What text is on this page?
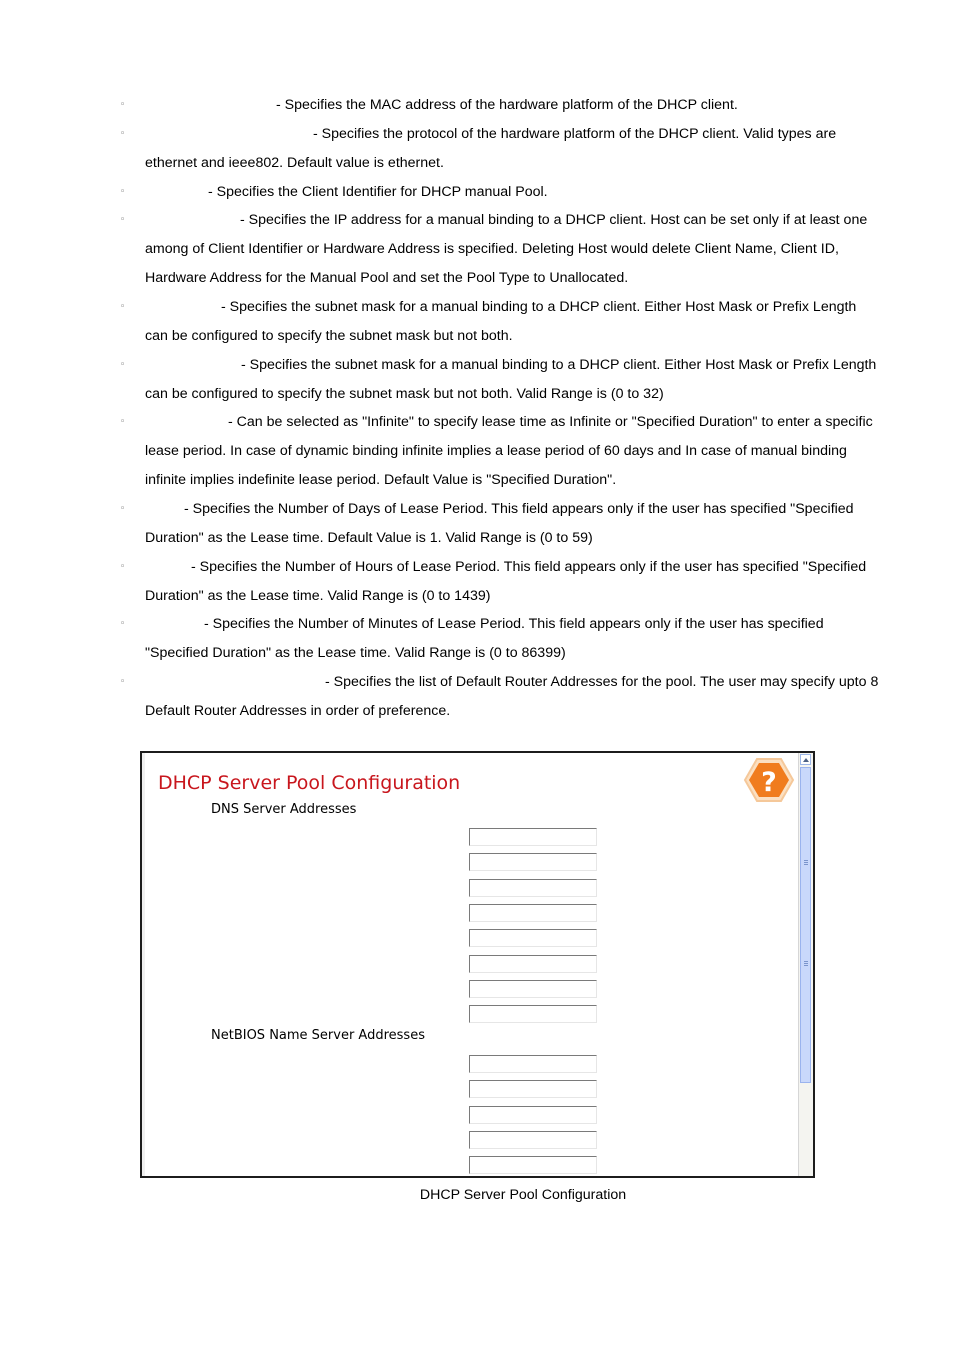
◦	- Specifies the MAC address of the hardware platform of the DHCP client.
◦	- Specifies the protocol of the hardware platform of the DHCP client. Valid types are
ethernet and ieee802. Default value is ethernet.
◦	- Specifies the Client Identifier for DHCP manual Pool.
◦	- Specifies the IP address for a manual binding to a DHCP client. Host can be set only if at least one
among of Client Identifier or Hardware Address is specified. Deleting Host would delete Client Name, Client ID,
Hardware Address for the Manual Pool and set the Pool Type to Unallocated.
◦	- Specifies the subnet mask for a manual binding to a DHCP client. Either Host Mask or Prefix Length
can be configured to specify the subnet mask but not both.
◦	- Specifies the subnet mask for a manual binding to a DHCP client. Either Host Mask or Prefix Length
can be configured to specify the subnet mask but not both. Valid Range is (0 to 32)
◦	- Can be selected as "Infinite" to specify lease time as Infinite or "Specified Duration" to enter a specific
lease period. In case of dynamic binding infinite implies a lease period of 60 days and In case of manual binding
infinite implies indefinite lease period. Default Value is "Specified Duration".
◦	- Specifies the Number of Days of Lease Period. This field appears only if the user has specified "Specified
Duration" as the Lease time. Default Value is 1. Valid Range is (0 to 59)
◦	- Specifies the Number of Hours of Lease Period. This field appears only if the user has specified "Specified
Duration" as the Lease time. Valid Range is (0 to 1439)
◦	- Specifies the Number of Minutes of Lease Period. This field appears only if the user has specified
"Specified Duration" as the Lease time. Valid Range is (0 to 86399)
◦	- Specifies the list of Default Router Addresses for the pool. The user may specify upto 8
Default Router Addresses in order of preference.
DHCP Server Pool Configuration	?
DNS Server Addresses
NetBIOS Name Server Addresses
DHCP Server Pool Configuration
